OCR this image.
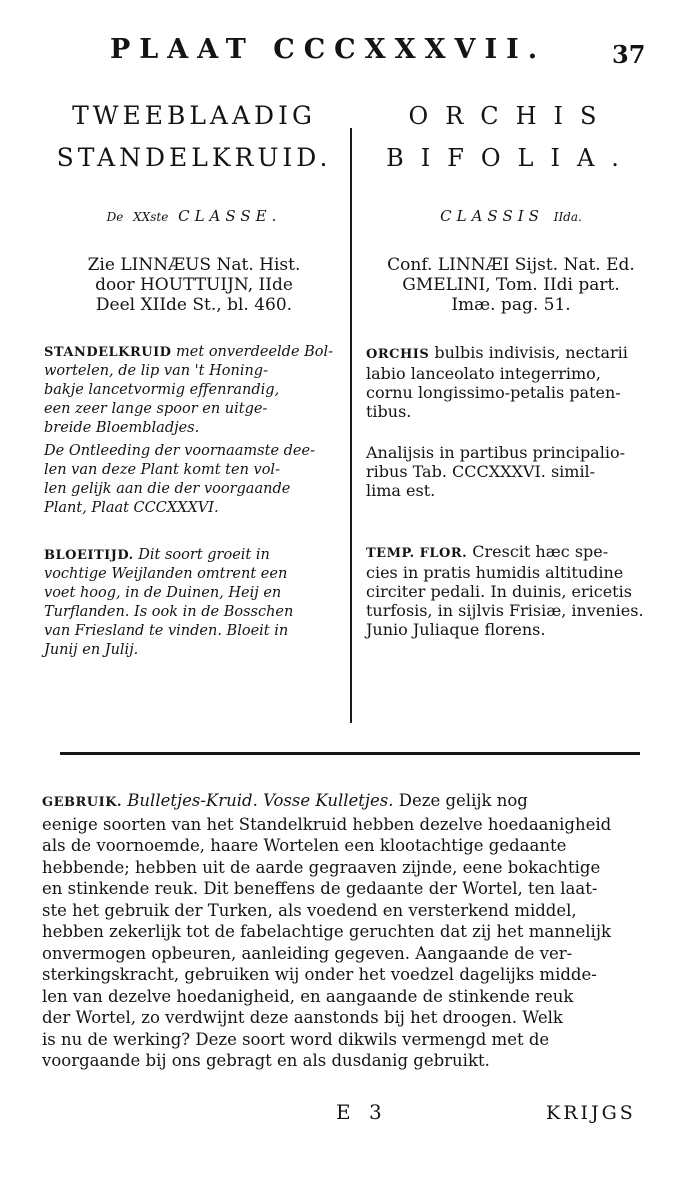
PLAAT CCCXXXVII.	37
TWEEBLAADIG
STANDELKRUID.
De XXste CLASSE.
Zie LINNÆUS Nat. Hist.
door HOUTTUIJN, IIde
Deel XIIde St., bl. 460.
STANDELKRUID met onverdeelde Bol-
wortelen, de lip van 't Honing-
bakje lancetvormig effenrandig,
een zeer lange spoor en uitge-
breide Bloembladjes.
De Ontleeding der voornaamste dee-
len van deze Plant komt ten vol-
len gelijk aan die der voorgaande
Plant, Plaat CCCXXXVI.
BLOEITIJD. Dit soort groeit in
vochtige Weijlanden omtrent een
voet hoog, in de Duinen, Heij en
Turflanden. Is ook in de Bosschen
van Friesland te vinden. Bloeit in
Junij en Julij.
ORCHIS
BIFOLIA.
CLASSIS IIda.
Conf. LINNÆI Sijst. Nat. Ed.
GMELINI, Tom. IIdi part.
Imæ. pag. 51.
ORCHIS bulbis indivisis, nectarii
labio lanceolato integerrimo,
cornu longissimo-petalis paten-
tibus.
Analijsis in partibus principalio-
ribus Tab. CCCXXXVI. simil-
lima est.
TEMP. FLOR. Crescit hæc spe-
cies in pratis humidis altitudine
circiter pedali. In duinis, ericetis
turfosis, in sijlvis Frisiæ, invenies.
Junio Juliaque florens.
GEBRUIK. Bulletjes-Kruid. Vosse Kulletjes. Deze gelijk nog
eenige soorten van het Standelkruid hebben dezelve hoedaanigheid
als de voornoemde, haare Wortelen een klootachtige gedaante
hebbende; hebben uit de aarde gegraaven zijnde, eene bokachtige
en stinkende reuk. Dit beneffens de gedaante der Wortel, ten laat-
ste het gebruik der Turken, als voedend en versterkend middel,
hebben zekerlijk tot de fabelachtige geruchten dat zij het mannelijk
onvermogen opbeuren, aanleiding gegeven. Aangaande de ver-
sterkingskracht, gebruiken wij onder het voedzel dagelijks midde-
len van dezelve hoedanigheid, en aangaande de stinkende reuk
der Wortel, zo verdwijnt deze aanstonds bij het droogen. Welk
is nu de werking? Deze soort word dikwils vermengd met de
voorgaande bij ons gebragt en als dusdanig gebruikt.
E 3	KRIJGS
